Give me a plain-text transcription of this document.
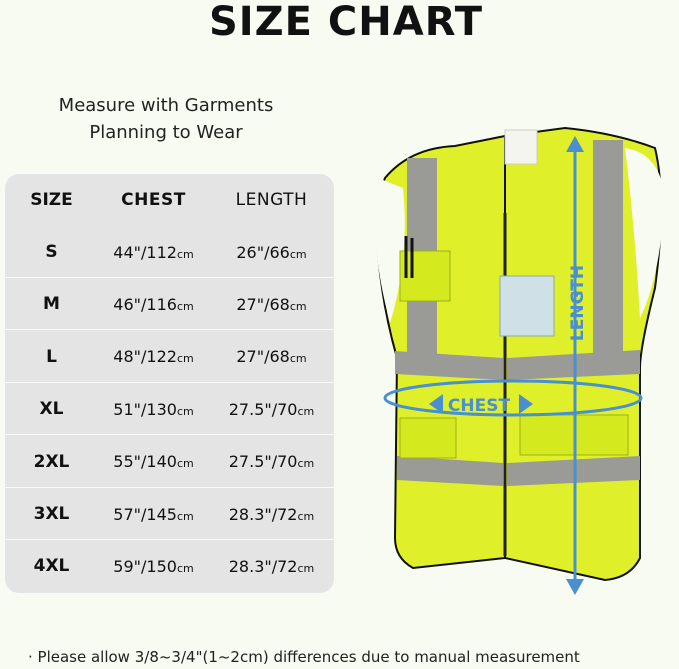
SIZE CHART
Measure with Garments
Planning to Wear
SIZE	CHEST	LENGTH
S	44"/112cm	26"/66cm
M	46"/116cm	27"/68cm
L	48"/122cm	27"/68cm
XL	51"/130cm	27.5"/70cm
2XL	55"/140cm	27.5"/70cm
3XL	57"/145cm	28.3"/72cm
4XL	59"/150cm	28.3"/72cm
CHEST
LENGTH
· Please allow 3/8~3/4"(1~2cm) differences due to manual measurement
